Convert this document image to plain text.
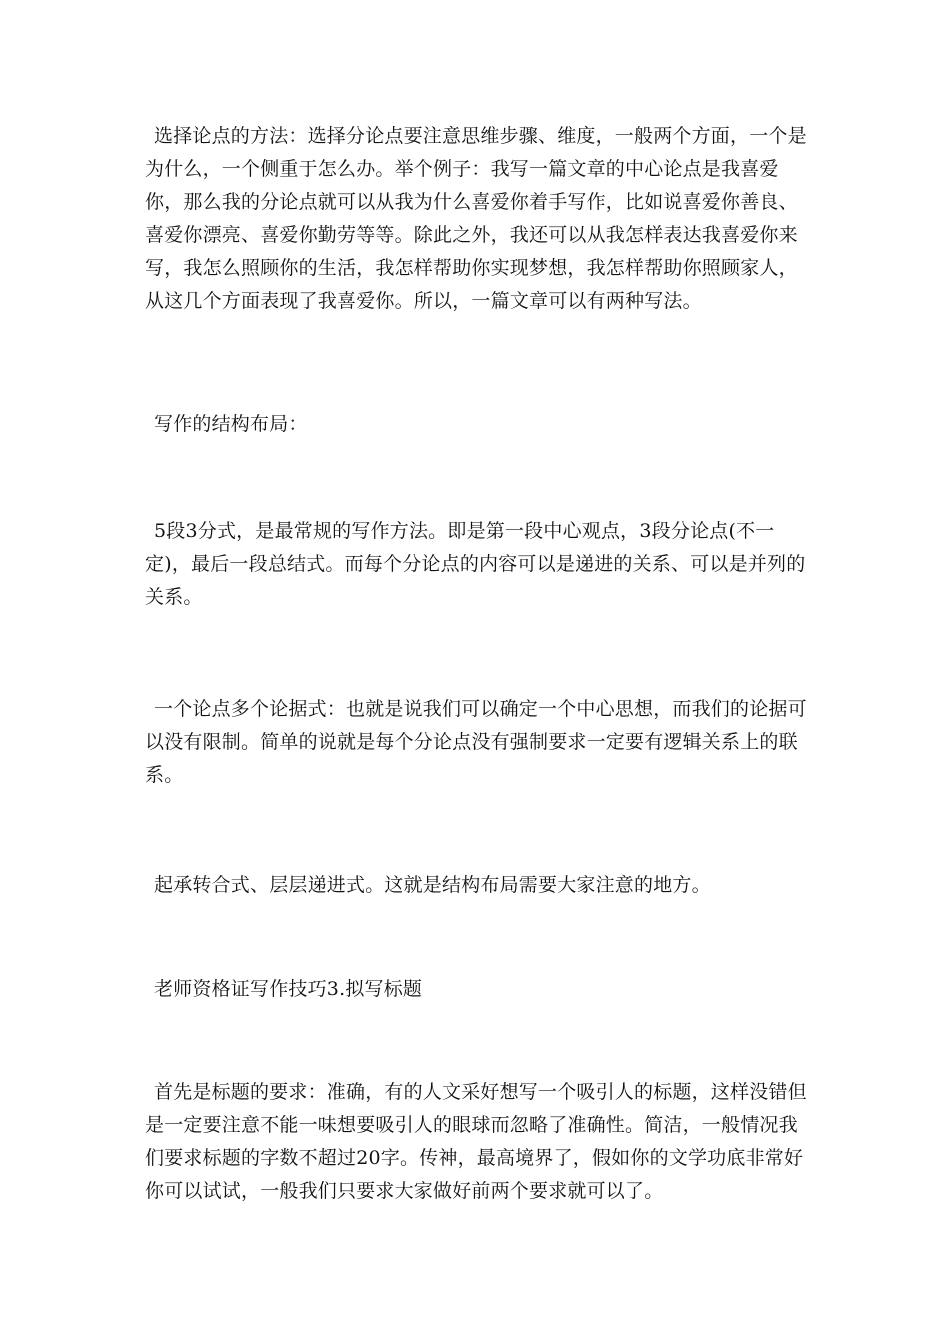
选择论点的方法：选择分论点要注意思维步骤、维度，一般两个方面，一个是为什么，一个侧重于怎么办。举个例子：我写一篇文章的中心论点是我喜爱你，那么我的分论点就可以从我为什么喜爱你着手写作，比如说喜爱你善良、喜爱你漂亮、喜爱你勤劳等等。除此之外，我还可以从我怎样表达我喜爱你来写，我怎么照顾你的生活，我怎样帮助你实现梦想，我怎样帮助你照顾家人，从这几个方面表现了我喜爱你。所以，一篇文章可以有两种写法。

写作的结构布局：

5段3分式，是最常规的写作方法。即是第一段中心观点，3段分论点(不一定)，最后一段总结式。而每个分论点的内容可以是递进的关系、可以是并列的关系。

一个论点多个论据式：也就是说我们可以确定一个中心思想，而我们的论据可以没有限制。简单的说就是每个分论点没有强制要求一定要有逻辑关系上的联系。

起承转合式、层层递进式。这就是结构布局需要大家注意的地方。

老师资格证写作技巧3.拟写标题

首先是标题的要求：准确，有的人文采好想写一个吸引人的标题，这样没错但是一定要注意不能一味想要吸引人的眼球而忽略了准确性。简洁，一般情况我们要求标题的字数不超过20字。传神，最高境界了，假如你的文学功底非常好你可以试试，一般我们只要求大家做好前两个要求就可以了。
